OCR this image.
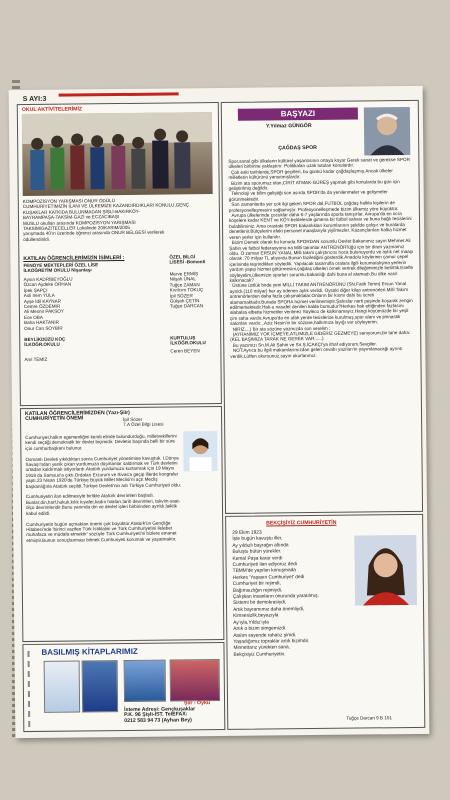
S AYI:3
OKUL AKTİVİTELERİMİZ

KOMPOZİSYON YARIŞMASI ONUR ÖDÜLÜ
CUMHURİYETİMİZİN İLANI VE ÜLKEMİZE KAZANDIRDIKLARI KONULU,GENÇ KUŞAKLAR KATKIDA BULUNMADAN ŞİŞLİ-BAKIRKÖY-
BAYRAMPAŞA-TAKSİM-GAZİ ve ECZACIBAŞI
MUSLU okulları arasında KOMPOZİSYON YARIŞMASI
TAKSİM/GAZİTECELLER Lokalinde 20/KASIM/2005
yarışmada 40'ın üzerinde öğrenci arasında ONUR BELGESİ verilerek
ödüllendirildi.

KATILAN ÖĞRENCİLERİMİZİN İSİMLERİ :

FENÖYE MEKTEPLERİ ÖZEL LİSE
İLKÖĞRETİM OKULU Nişantaşı

ÖZEL BİLGİ
LİSESİ -Bomonti

Aysın KADRİBEYOĞLU
Özcan Aydeke ORHAN
İpek ŞAPÇI
Asli Irem YULA
Ayşe İdil KAYNAR
Cemre ÖZDEMİR
Ali Mesnir PAKSOY
Ece OBA
Baha HAKTANIR
Onur Can SOYBİR
Merve ERMİŞ
Nilşah ÜNAL
Tuğçe ZAMAN
Kıvılcım TOKUÇ
İpil SÖZER
Gülşah ÇETİN
Tuğçe DARCAN

BEYLİKDÜZÜ KOÇ
İLKÖĞR.OKULU

KURTULUŞ
İLKÖĞR.OKULU

Anıl TEMİZ
Ceren BEYEN

KATILAN ÖĞRENCİLERİMİZDEN (Yazı-Şiir)
CUMHURİYETİN ÖNEMİ	İpil Sözer
7.A Özel Bilgi Lisesi

Cumhuriyet,halkın egemenliğini kendi elinde bulundurduğu, milletvekillerini kendi seçtiği demokratik bir devlet biçimidir. Devletin başında belli bir süre için cumhurbaşkanı bulunur.

Osmanlı Devleti yıkıldıktan sonra Cumhuriyet yönetimine kavuştuk. I.Dünya Savaşı'ndan yenik çıkan yurdumuza düşmanlar saldırmak ve Türk devletini ortadan kaldırmak istiyorlardı.Atatürk yurdumuzu kurtarmak için 19 Mayıs 1919 da Samsun'a çıktı.Ordaları Erzurum ve Sivas'a geçip illerde kongreler yaptı.23 Nisan 1920'de Türkiye Büyük Millet Meclisi'ni açtı.Mecliş başkanlığına Atatürk seçildi.Türkiye Devleti'nin adı Türkiye Cumhuriyeti oldu.

Cumhuriyetin ilan edilmesiyle birlikte Atatürk devrimleri başladı. Bunlar;din,harf,hukuk,kılık kıyafet,kadın hakları,tarih devrimleri, takvim-saat-ölçü devrimleridir.Bunu yanında din ve devlet işleri birbirinden ayrıldı,laiklik kabul edildi.

Cumhuriyetin bugün açmaktan önemi çok büyüktür.Atatürk'ün Gençliğe Hitabesi'nde 'birinci vazifen Türk İstiklalini ve Türk Cumhuriyetini ilelebet muhafaza ve müdafa etmektir' sözüyle Türk Cumhuriyeti'ni bizlere emanet etmiştir.Bunun sonuçlanması bilmek Cumhuriyeti korumak ve yaşatmaktır.

BASILMIŞ KİTAPLARIMIZ
Şiir - Öykü

İsteme Adresi: Gençkuşaklar
P.K. 96 Şişli-İST. TelEFAX:
0212 583 94 73 (Ayhan Bey)

BAŞYAZI
Y.Yılmaz GÜNGÖR
ÇAĞDAŞ SPOR

Spor,sanal gibi ülkelerin kültürel yaşantısının ortaya koyar Gerek sanat ve gerekse SPOR ülkeleri birbirine yaklaştırır. Politikaları uzak tutulan konulardır.
Çok eski tarihlerde,SPOR geçitleri, bu günkü kadar çağdaşlaşmış.Ancak ülkeler milletlerin kültürünü yansıtmışlardır.
Bizim ata sporumuz olan,CİRİT ATMAK-GÜREŞ yapmak gibi konularda bu gün için geliştirilmiş değildir.
Teknoloji ve bilim geliştiği son asırda SPOR'da da yenilenmeler ve gelişmeler görünmektedir.
Son zamanlarda yer çok ilgi geken SPOR dal,FUTBOL çağdaş halkla kişilerin de profesyonelleşmesini sağlamıştır. Profesyonelleşmede bizim ülkemiz yöre büyüktür.
Avrupa ülkelerinde çocuklar daha 6-7 yaşlarında sporla tanışırlar. Avrupa'da en ücra köşelere kadar KENT ve KÖY-beldelerde gimena bir futbol sahası ve buna bağlı tesislerini bulabilirsiniz. Ama orastaki SPOR bakanlıkları kurumlarının şekilde çalışır ve buralarda denetlenir.Bütçelerini afaki personel maaşlarıyla yiyilmezler. Kazançlarıları halka hizmet veren yerler için kullanılır.
Bizim Demek olarak bu konuda SPORDAN sorumlu Devlet Bakanımız sayın Mehmet Ali Şahin ve futbol federasyonu-na Milli takımlar ANTRENÖR'lüğü için bir direri yazmamız oldu. O zaman ERSUN YANAL Milli takım çalıştırıcısı hoca bulunuyordu ve aylık net maaşı olarak :70 milyar TL alıyordu.Bunun faziletiğini gösterdik.Anadolu köylerinin çamur çepel içerisinde teşrindikleri söyledik. Yapılacak tasarrufla oralara ilgili kuruma/alışma yerlerin yardım yapıp hizmet götürmesini,çağdaş ülkeleri örnek verirek dileğimimizle belirttik.Esefle söyleyelim,ülkemizin sporları sorumlu bakanlığı dahi buna el atamadı.Bu ülke nasıl kalkınacak?
Üstüne üstlük birde yeni MİLLİ TAKIM ANTRENÖRÜNÜ (SN.Fatih Terim) Ersun Yanal ayrıldı.(110 milyar) her ay ödenen aylık verildi. Oysaki diğer kilup antrenörleri.Milli Takım antrenörlerden daha fazla çalışmaktalar.Onların bir kısmı dahi bu ücreti alamamaktadır.Burada SPORA hizmet verilmemiştir.Şahıslar narti peşinde koşarak zengin edilmemektedir.Hak-u nasafet denilen kalde bumudur?Herkes hak ettiğinden fazlasını alabalsa elbette hizmetiler verilmez Söyleco de kalkınamayız.Hangi köyümüzde bir yeşil çim saha vardır.Avrupa'da en ufak yerde tesislerize kurulmuş,spor alanı ve jimnastik salonları vardır...Aziz Nesin'in bir sözüne,halkımıza layığı var söyleyerim.
NİRİZ....) Bir ata sözüne yazmızda son verelim :
(AYRANIMIZ YOK İÇMEYE,ATLIMIZLE GİDERİZ GEZMEYE) sanıyorum,bir tane daha:(KEL BAŞIMIZA TARAK NE GEREK VAR......)
Bu yazımızı Sn.M.Ali Şahin ve Sn.Ş.İÇAKÇI'ya ithaf ediyorum.Sevgiler.
NOT:Ayrıca bu ilgili makamlarımızdan gelen cevabı yazıları'nı yayımlanacağı ayrıntı verdik.Lütfen okursunuz,sayın okurlarımız.

BEKÇİŞİYİZ CUMHURİYETİN
29 Ekim 1923
İşte bugün kavuştu iller,
Ay yıldızlı bayrağın altında
Buluştu bütün yürekler.
Kemal Paşa karar verdi
Cumhuriyeti ilan ediyoruz dedi
TBMM'de yapılan konuşmada
Herkes 'Yaşasın Cumhuriyet' dedi
Cumhuriyet bir rejimdi,
Bağımsızlığın rejimiydi,
Çalışkan insanların onurunda yaratılmış.
Sistemi bir demokrasiydi,
Artık bayramımız daha önemliydi,
Kimsesizlik,beyazıyla
Ay'ıyla,Yıldız'ıyla
Artık o bizim simgemizdi.
Atalım sayende rahatız şimdi.
Yaşadığımız topraklar artık bizimdir.
Minnettarız yürekten sana,
Bekçisiyiz Cumhuriyetin.
Tuğçe Darcan 9 B 151
